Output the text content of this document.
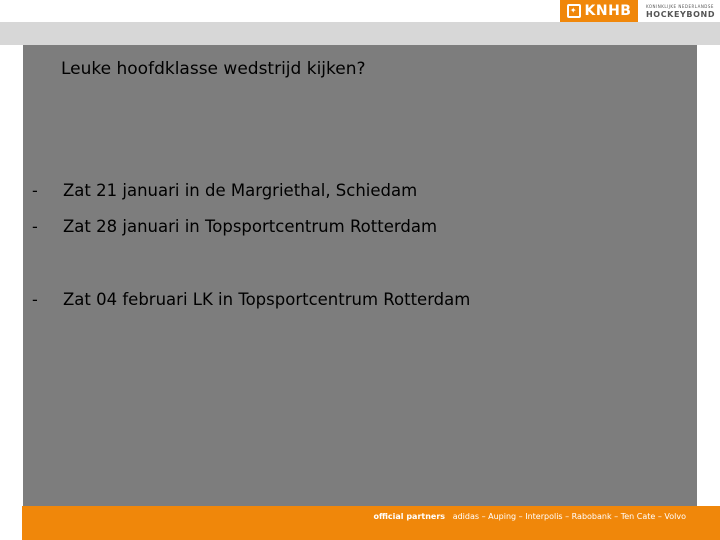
✦ KNHB	KONINKLIJKE NEDERLANDSE
HOCKEYBOND
Leuke hoofdklasse wedstrijd kijken?
- Zat 21 januari in de Margriethal, Schiedam
- Zat 28 januari in Topsportcentrum Rotterdam
- Zat 04 februari LK in Topsportcentrum Rotterdam
official partners adidas – Auping – Interpolis – Rabobank – Ten Cate – Volvo
